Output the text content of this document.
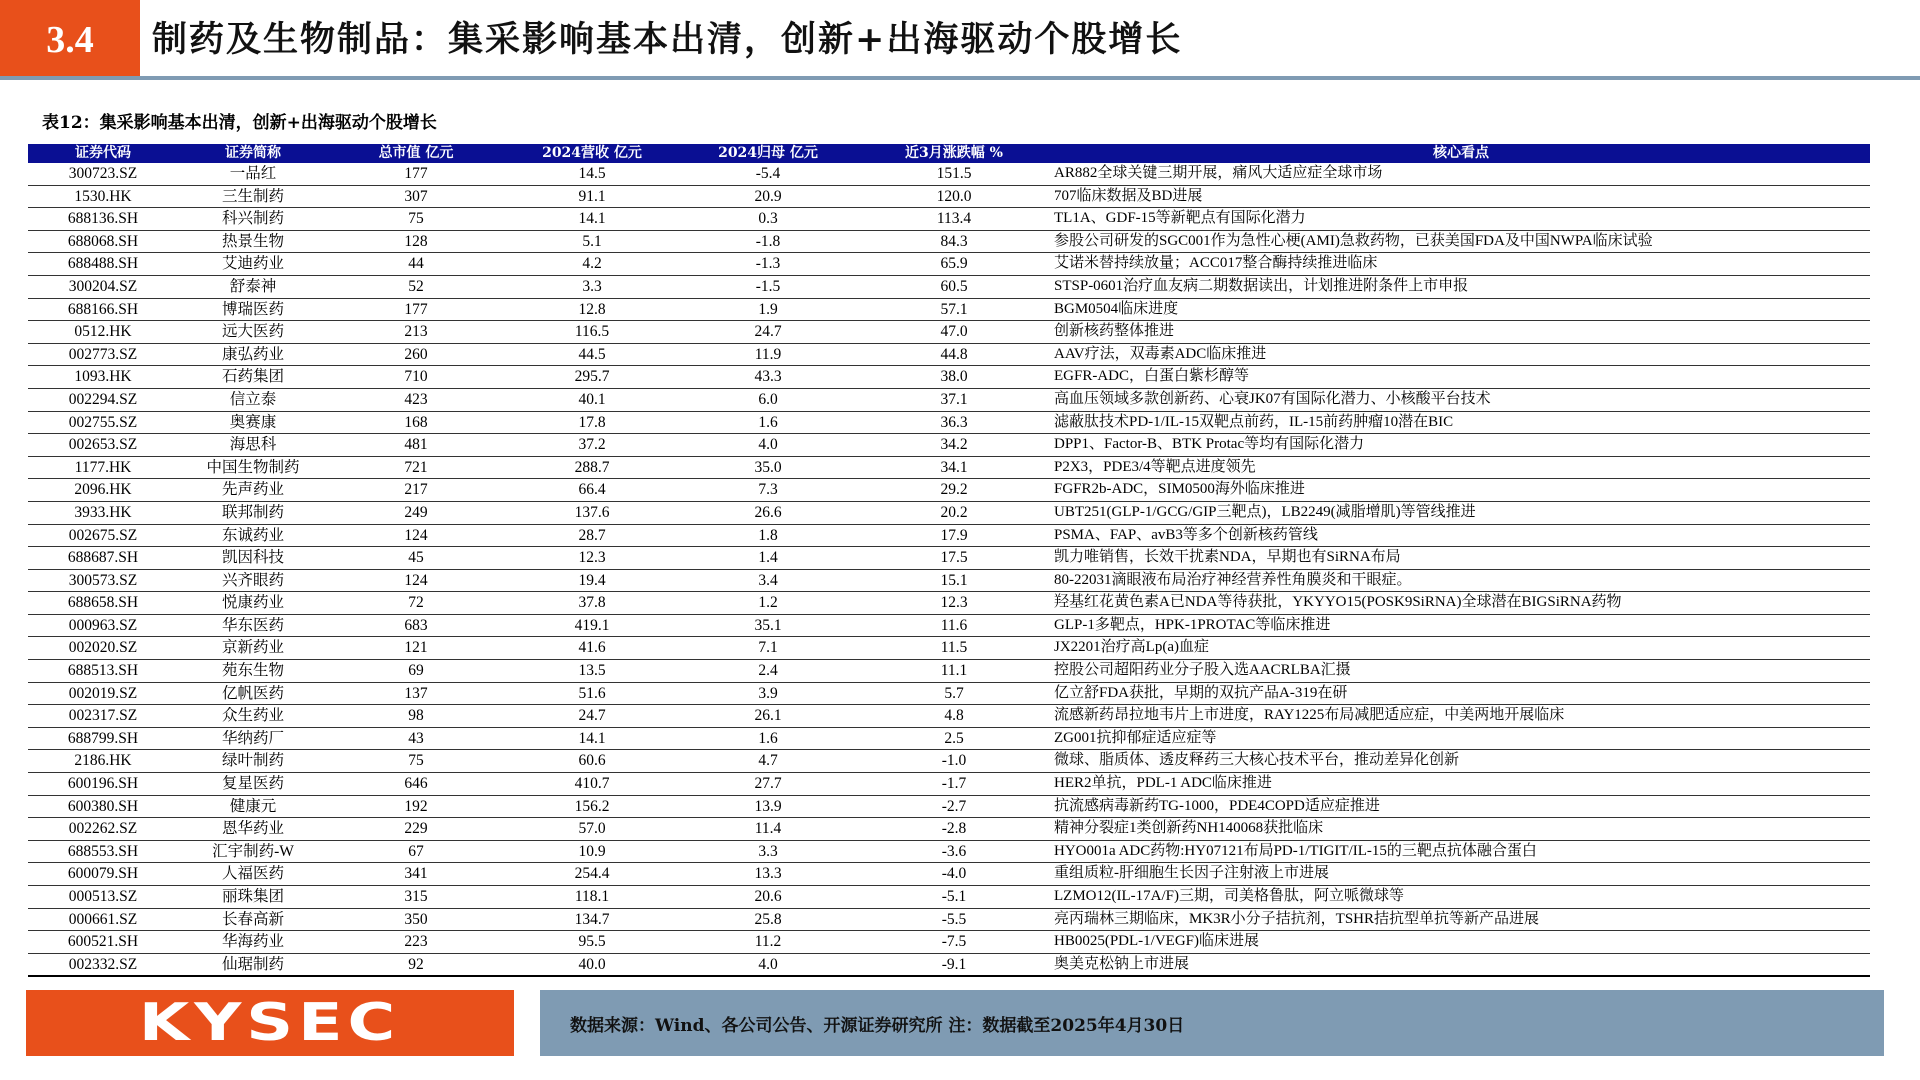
3.4 制药及生物制品：集采影响基本出清，创新+出海驱动个股增长
表12：集采影响基本出清，创新+出海驱动个股增长
证券代码	证券简称	总市值 亿元	2024营收 亿元	2024归母 亿元	近3月涨跌幅 %	核心看点
300723.SZ	一品红	177	14.5	-5.4	151.5	AR882全球关键三期开展，痛风大适应症全球市场
1530.HK	三生制药	307	91.1	20.9	120.0	707临床数据及BD进展
688136.SH	科兴制药	75	14.1	0.3	113.4	TL1A、GDF-15等新靶点有国际化潜力
688068.SH	热景生物	128	5.1	-1.8	84.3	参股公司研发的SGC001作为急性心梗(AMI)急救药物，已获美国FDA及中国NWPA临床试验
688488.SH	艾迪药业	44	4.2	-1.3	65.9	艾诺米替持续放量；ACC017整合酶持续推进临床
300204.SZ	舒泰神	52	3.3	-1.5	60.5	STSP-0601治疗血友病二期数据读出，计划推进附条件上市申报
688166.SH	博瑞医药	177	12.8	1.9	57.1	BGM0504临床进度
0512.HK	远大医药	213	116.5	24.7	47.0	创新核药整体推进
002773.SZ	康弘药业	260	44.5	11.9	44.8	AAV疗法，双毒素ADC临床推进
1093.HK	石药集团	710	295.7	43.3	38.0	EGFR-ADC，白蛋白紫杉醇等
002294.SZ	信立泰	423	40.1	6.0	37.1	高血压领域多款创新药、心衰JK07有国际化潜力、小核酸平台技术
002755.SZ	奥赛康	168	17.8	1.6	36.3	滤蔽肽技术PD-1/IL-15双靶点前药，IL-15前药肿瘤10潜在BIC
002653.SZ	海思科	481	37.2	4.0	34.2	DPP1、Factor-B、BTK Protac等均有国际化潜力
1177.HK	中国生物制药	721	288.7	35.0	34.1	P2X3，PDE3/4等靶点进度领先
2096.HK	先声药业	217	66.4	7.3	29.2	FGFR2b-ADC，SIM0500海外临床推进
3933.HK	联邦制药	249	137.6	26.6	20.2	UBT251(GLP-1/GCG/GIP三靶点)，LB2249(减脂增肌)等管线推进
002675.SZ	东诚药业	124	28.7	1.8	17.9	PSMA、FAP、avB3等多个创新核药管线
688687.SH	凯因科技	45	12.3	1.4	17.5	凯力唯销售，长效干扰素NDA，早期也有SiRNA布局
300573.SZ	兴齐眼药	124	19.4	3.4	15.1	80-22031滴眼液布局治疗神经营养性角膜炎和干眼症。
688658.SH	悦康药业	72	37.8	1.2	12.3	羟基红花黄色素A已NDA等待获批，YKYYO15(POSK9SiRNA)全球潜在BIGSiRNA药物
000963.SZ	华东医药	683	419.1	35.1	11.6	GLP-1多靶点，HPK-1PROTAC等临床推进
002020.SZ	京新药业	121	41.6	7.1	11.5	JX2201治疗高Lp(a)血症
688513.SH	苑东生物	69	13.5	2.4	11.1	控股公司超阳药业分子股入选AACRLBA汇摄
002019.SZ	亿帆医药	137	51.6	3.9	5.7	亿立舒FDA获批，早期的双抗产品A-319在研
002317.SZ	众生药业	98	24.7	26.1	4.8	流感新药昂拉地韦片上市进度，RAY1225布局减肥适应症，中美两地开展临床
688799.SH	华纳药厂	43	14.1	1.6	2.5	ZG001抗抑郁症适应症等
2186.HK	绿叶制药	75	60.6	4.7	-1.0	微球、脂质体、透皮释药三大核心技术平台，推动差异化创新
600196.SH	复星医药	646	410.7	27.7	-1.7	HER2单抗，PDL-1 ADC临床推进
600380.SH	健康元	192	156.2	13.9	-2.7	抗流感病毒新药TG-1000，PDE4COPD适应症推进
002262.SZ	恩华药业	229	57.0	11.4	-2.8	精神分裂症1类创新药NH140068获批临床
688553.SH	汇宇制药-W	67	10.9	3.3	-3.6	HYO001a ADC药物:HY07121布局PD-1/TIGIT/IL-15的三靶点抗体融合蛋白
600079.SH	人福医药	341	254.4	13.3	-4.0	重组质粒-肝细胞生长因子注射液上市进展
000513.SZ	丽珠集团	315	118.1	20.6	-5.1	LZMO12(IL-17A/F)三期，司美格鲁肽，阿立哌微球等
000661.SZ	长春高新	350	134.7	25.8	-5.5	亮丙瑞林三期临床，MK3R小分子拮抗剂，TSHR拮抗型单抗等新产品进展
600521.SH	华海药业	223	95.5	11.2	-7.5	HB0025(PDL-1/VEGF)临床进展
002332.SZ	仙琚制药	92	40.0	4.0	-9.1	奥美克松钠上市进展
KYSEC	数据来源：Wind、各公司公告、开源证券研究所 注：数据截至2025年4月30日
